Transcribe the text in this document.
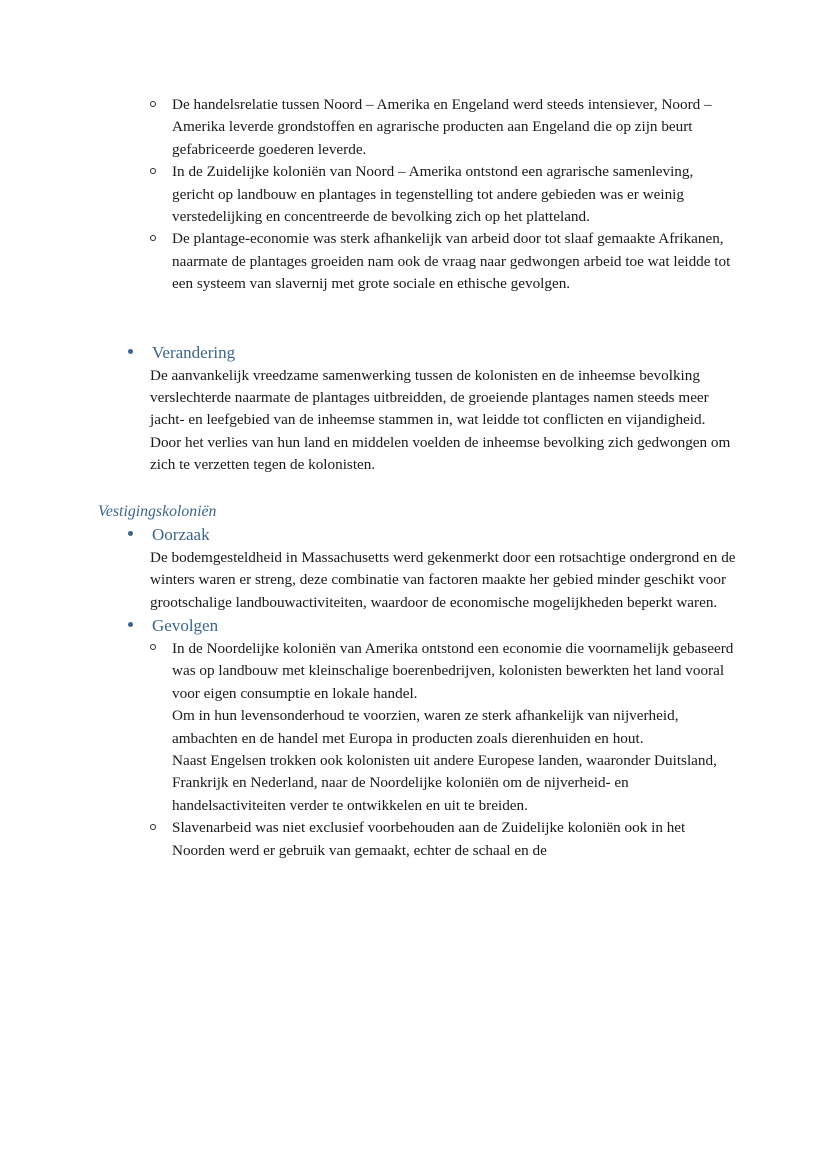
De handelsrelatie tussen Noord – Amerika en Engeland werd steeds intensiever, Noord – Amerika leverde grondstoffen en agrarische producten aan Engeland die op zijn beurt gefabriceerde goederen leverde.

In de Zuidelijke koloniën van Noord – Amerika ontstond een agrarische samenleving, gericht op landbouw en plantages in tegenstelling tot andere gebieden was er weinig verstedelijking en concentreerde de bevolking zich op het platteland.

De plantage-economie was sterk afhankelijk van arbeid door tot slaaf gemaakte Afrikanen, naarmate de plantages groeiden nam ook de vraag naar gedwongen arbeid toe wat leidde tot een systeem van slavernij met grote sociale en ethische gevolgen.

Verandering

De aanvankelijk vreedzame samenwerking tussen de kolonisten en de inheemse bevolking verslechterde naarmate de plantages uitbreidden, de groeiende plantages namen steeds meer jacht- en leefgebied van de inheemse stammen in, wat leidde tot conflicten en vijandigheid.

Door het verlies van hun land en middelen voelden de inheemse bevolking zich gedwongen om zich te verzetten tegen de kolonisten.

Vestigingskoloniën

Oorzaak

De bodemgesteldheid in Massachusetts werd gekenmerkt door een rotsachtige ondergrond en de winters waren er streng, deze combinatie van factoren maakte her gebied minder geschikt voor grootschalige landbouwactiviteiten, waardoor de economische mogelijkheden beperkt waren.

Gevolgen

In de Noordelijke koloniën van Amerika ontstond een economie die voornamelijk gebaseerd was op landbouw met kleinschalige boerenbedrijven, kolonisten bewerkten het land vooral voor eigen consumptie en lokale handel.

Om in hun levensonderhoud te voorzien, waren ze sterk afhankelijk van nijverheid, ambachten en de handel met Europa in producten zoals dierenhuiden en hout.

Naast Engelsen trokken ook kolonisten uit andere Europese landen, waaronder Duitsland, Frankrijk en Nederland, naar de Noordelijke koloniën om de nijverheid- en handelsactiviteiten verder te ontwikkelen en uit te breiden.

Slavenarbeid was niet exclusief voorbehouden aan de Zuidelijke koloniën ook in het Noorden werd er gebruik van gemaakt, echter de schaal en de
